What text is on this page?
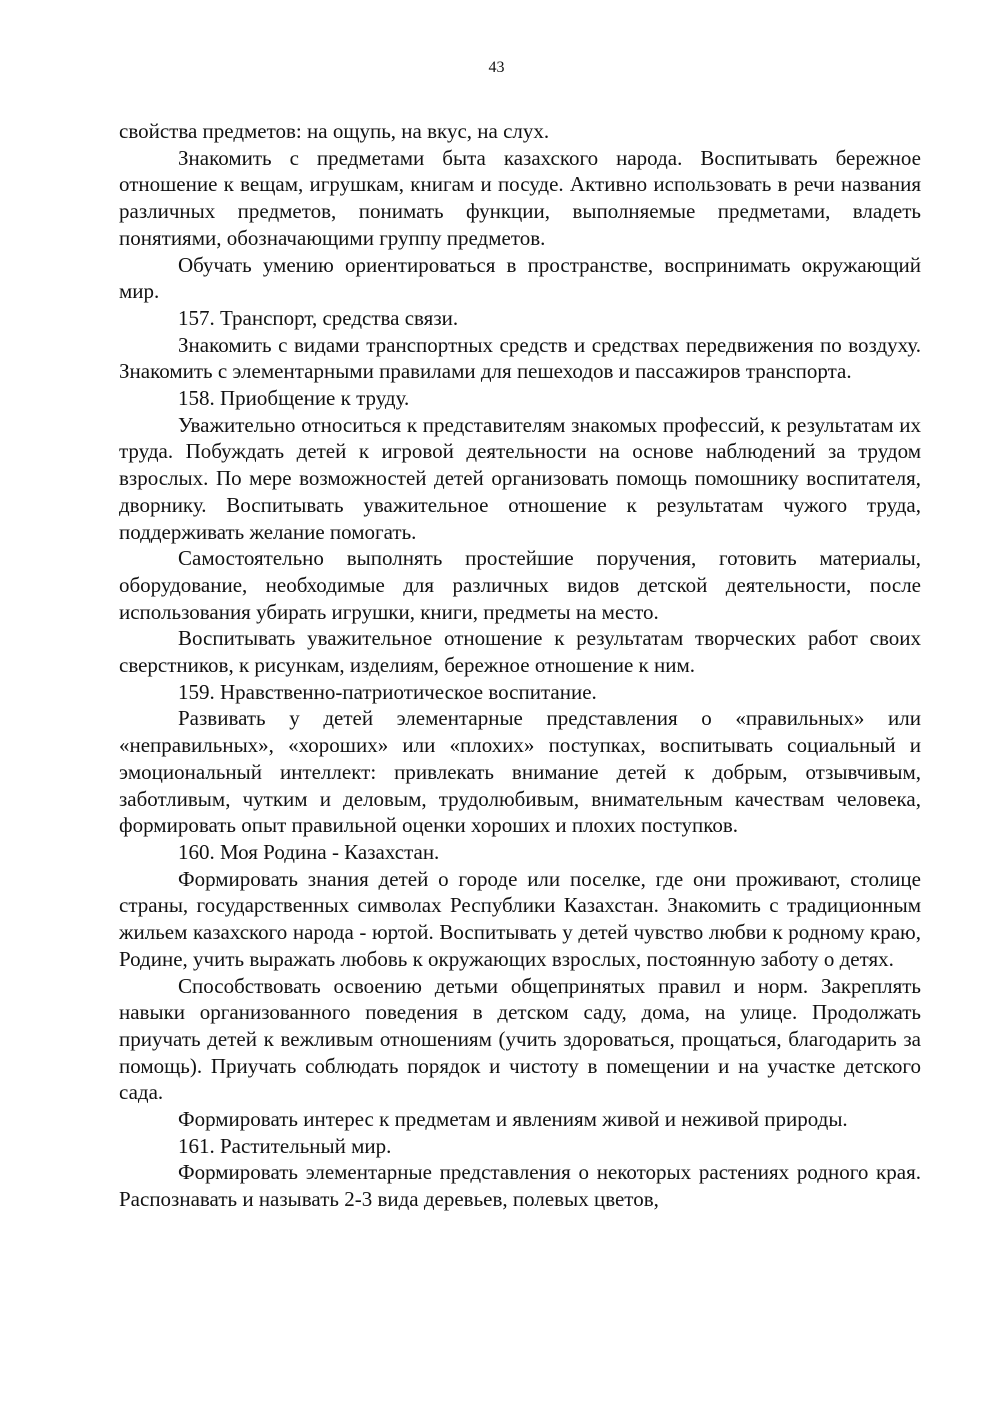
43

свойства предметов: на ощупь, на вкус, на слух.

Знакомить с предметами быта казахского народа. Воспитывать бережное отношение к вещам, игрушкам, книгам и посуде. Активно использовать в речи названия различных предметов, понимать функции, выполняемые предметами, владеть понятиями, обозначающими группу предметов.

Обучать умению ориентироваться в пространстве, воспринимать окружающий мир.

157. Транспорт, средства связи.

Знакомить с видами транспортных средств и средствах передвижения по воздуху. Знакомить с элементарными правилами для пешеходов и пассажиров транспорта.

158. Приобщение к труду.

Уважительно относиться к представителям знакомых профессий, к результатам их труда. Побуждать детей к игровой деятельности на основе наблюдений за трудом взрослых. По мере возможностей детей организовать помощь помошнику воспитателя, дворнику. Воспитывать уважительное отношение к результатам чужого труда, поддерживать желание помогать.

Самостоятельно выполнять простейшие поручения, готовить материалы, оборудование, необходимые для различных видов детской деятельности, после использования убирать игрушки, книги, предметы на место.

Воспитывать уважительное отношение к результатам творческих работ своих сверстников, к рисункам, изделиям, бережное отношение к ним.

159. Нравственно-патриотическое воспитание.

Развивать у детей элементарные представления о «правильных» или «неправильных», «хороших» или «плохих» поступках, воспитывать социальный и эмоциональный интеллект: привлекать внимание детей к добрым, отзывчивым, заботливым, чутким и деловым, трудолюбивым, внимательным качествам человека, формировать опыт правильной оценки хороших и плохих поступков.

160. Моя Родина - Казахстан.

Формировать знания детей о городе или поселке, где они проживают, столице страны, государственных символах Республики Казахстан. Знакомить с традиционным жильем казахского народа - юртой. Воспитывать у детей чувство любви к родному краю, Родине, учить выражать любовь к окружающих взрослых, постоянную заботу о детях.

Способствовать освоению детьми общепринятых правил и норм. Закреплять навыки организованного поведения в детском саду, дома, на улице. Продолжать приучать детей к вежливым отношениям (учить здороваться, прощаться, благодарить за помощь). Приучать соблюдать порядок и чистоту в помещении и на участке детского сада.

Формировать интерес к предметам и явлениям живой и неживой природы.

161. Растительный мир.

Формировать элементарные представления о некоторых растениях родного края. Распознавать и называть 2-3 вида деревьев, полевых цветов,
